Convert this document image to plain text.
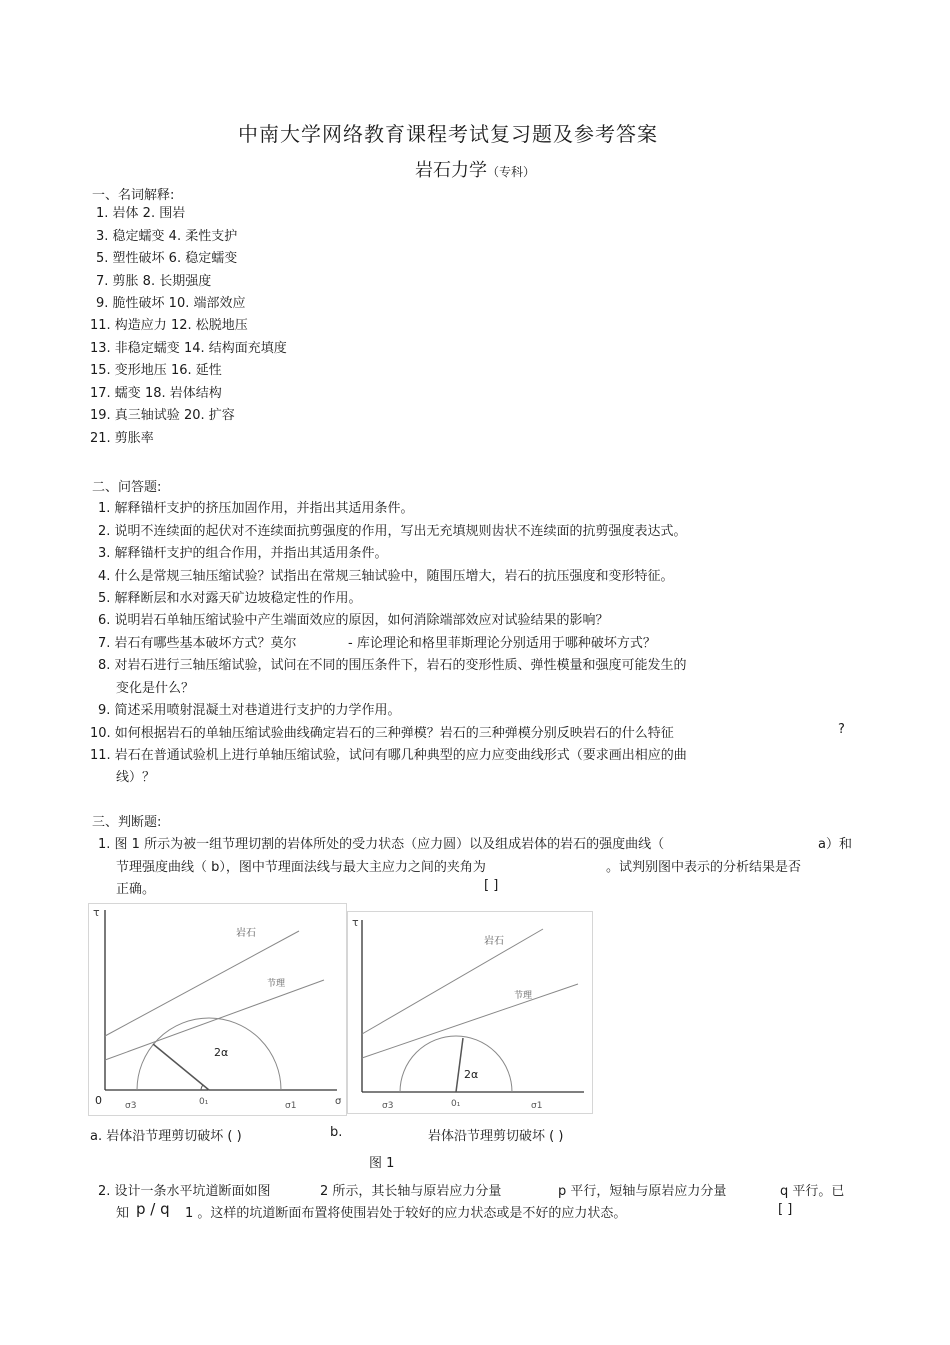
中南大学网络教育课程考试复习题及参考答案
岩石力学（专科）
一、名词解释:
1. 岩体 2. 围岩
3. 稳定蠕变 4. 柔性支护
5. 塑性破坏 6. 稳定蠕变
7. 剪胀 8. 长期强度
9. 脆性破坏 10. 端部效应
11. 构造应力 12. 松脱地压
13. 非稳定蠕变 14. 结构面充填度
15. 变形地压 16. 延性
17. 蠕变 18. 岩体结构
19. 真三轴试验 20. 扩容
21. 剪胀率
二、问答题:
1. 解释锚杆支护的挤压加固作用，并指出其适用条件。
2. 说明不连续面的起伏对不连续面抗剪强度的作用，写出无充填规则齿状不连续面的抗剪强度表达式。
3. 解释锚杆支护的组合作用，并指出其适用条件。
4. 什么是常规三轴压缩试验？试指出在常规三轴试验中，随围压增大，岩石的抗压强度和变形特征。
5. 解释断层和水对露天矿边坡稳定性的作用。
6. 说明岩石单轴压缩试验中产生端面效应的原因，如何消除端部效应对试验结果的影响？
7. 岩石有哪些基本破坏方式？莫尔	- 库论理论和格里菲斯理论分别适用于哪种破坏方式？
8. 对岩石进行三轴压缩试验，试问在不同的围压条件下，岩石的变形性质、弹性模量和强度可能发生的
变化是什么？
9. 简述采用喷射混凝土对巷道进行支护的力学作用。
10. 如何根据岩石的单轴压缩试验曲线确定岩石的三种弹模？岩石的三种弹模分别反映岩石的什么特征	?
11. 岩石在普通试验机上进行单轴压缩试验，试问有哪几种典型的应力应变曲线形式（要求画出相应的曲
线）？
三、判断题:
1. 图 1 所示为被一组节理切割的岩体所处的受力状态（应力圆）以及组成岩体的岩石的强度曲线（	a）和
节理强度曲线（ b），图中节理面法线与最大主应力之间的夹角为	。试判别图中表示的分析结果是否
正确。	[ ]
τ
岩石
节理
2α
0	σ3	0₁	σ1	σ
τ
岩石
节理
2α
σ3	0₁	σ1
a. 岩体沿节理剪切破坏 ( )	b.	岩体沿节理剪切破坏 ( )
图 1
2. 设计一条水平坑道断面如图	2 所示，其长轴与原岩应力分量	p 平行，短轴与原岩应力分量	q 平行。已
知 p / q 1 。这样的坑道断面布置将使围岩处于较好的应力状态或是不好的应力状态。	[ ]
